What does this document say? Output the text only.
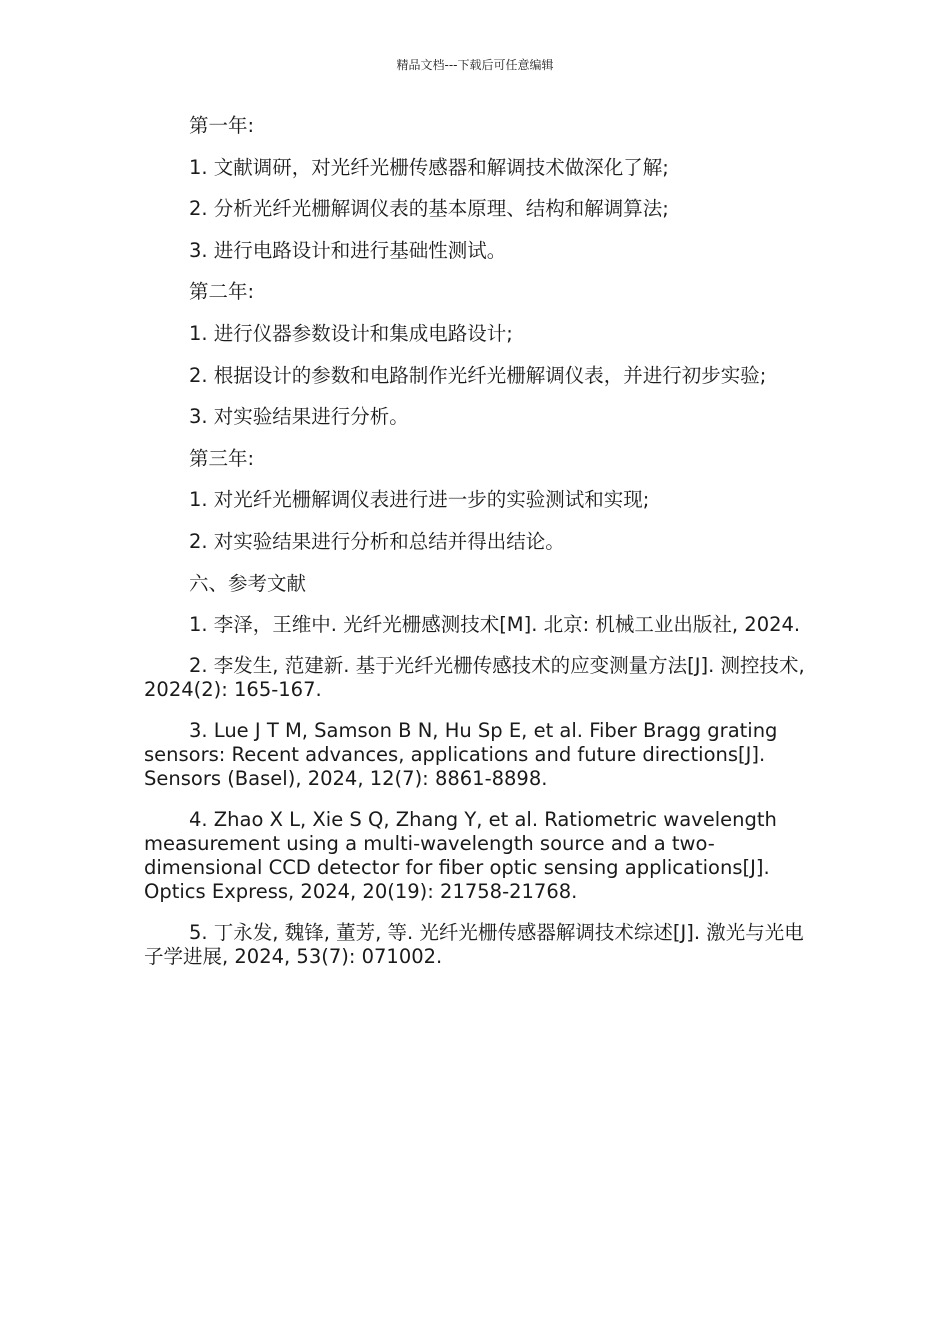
精品文档---下载后可任意编辑
第一年:
1. 文献调研，对光纤光栅传感器和解调技术做深化了解;
2. 分析光纤光栅解调仪表的基本原理、结构和解调算法;
3. 进行电路设计和进行基础性测试。
第二年:
1. 进行仪器参数设计和集成电路设计;
2. 根据设计的参数和电路制作光纤光栅解调仪表，并进行初步实验;
3. 对实验结果进行分析。
第三年:
1. 对光纤光栅解调仪表进行进一步的实验测试和实现;
2. 对实验结果进行分析和总结并得出结论。
六、参考文献
1. 李泽，王维中. 光纤光栅感测技术[M]. 北京: 机械工业出版社, 2024.
2. 李发生, 范建新. 基于光纤光栅传感技术的应变测量方法[J]. 测控技术, 2024(2): 165-167.
3. Lue J T M, Samson B N, Hu Sp E, et al. Fiber Bragg grating sensors: Recent advances, applications and future directions[J]. Sensors (Basel), 2024, 12(7): 8861-8898.
4. Zhao X L, Xie S Q, Zhang Y, et al. Ratiometric wavelength measurement using a multi-wavelength source and a two-dimensional CCD detector for fiber optic sensing applications[J]. Optics Express, 2024, 20(19): 21758-21768.
5. 丁永发, 魏锋, 董芳, 等. 光纤光栅传感器解调技术综述[J]. 激光与光电子学进展, 2024, 53(7): 071002.
